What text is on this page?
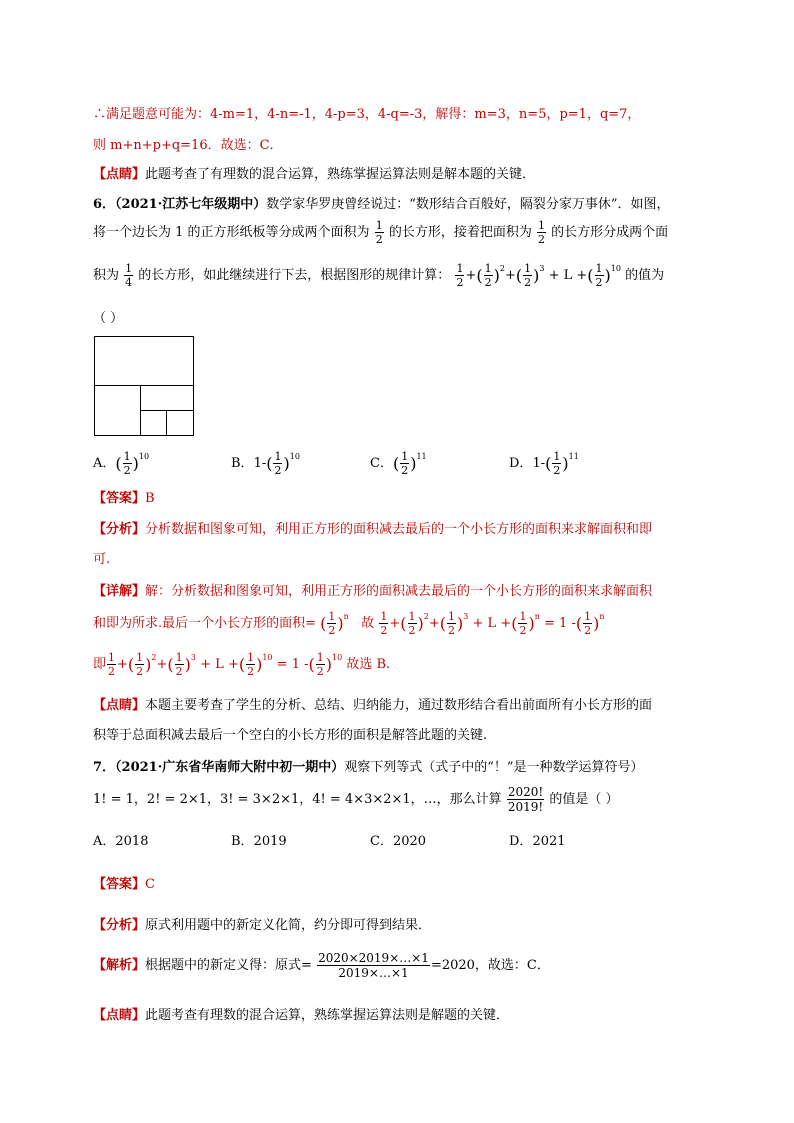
∴满足题意可能为：4-m=1，4-n=-1，4-p=3，4-q=-3，解得：m=3，n=5，p=1，q=7，
则 m+n+p+q=16．故选：C．
【点睛】此题考查了有理数的混合运算，熟练掌握运算法则是解本题的关键．
6．（2021·江苏七年级期中）数学家华罗庚曾经说过：“数形结合百般好，隔裂分家万事休”．如图，
将一个边长为 1 的正方形纸板等分成两个面积为 $\frac{1}{2}$ 的长方形，接着把面积为 $\frac{1}{2}$ 的长方形分成两个面
积为 $\frac{1}{4}$ 的长方形，如此继续进行下去，根据图形的规律计算： $\frac{1}{2}$ +( $\frac{1}{2} )^2+( \frac{1}{2} )^3 + L$ +( $\frac{1}{2} )^{10}$ 的值为
（ ）
A．( $\frac{1}{2} )^{10}$	B．$1-( \frac{1}{2} )^{10}$	C．( $\frac{1}{2} )^{11}$	D．$1-( \frac{1}{2} )^{11}$
【答案】B
【分析】分析数据和图象可知，利用正方形的面积减去最后的一个小长方形的面积来求解面积和即
可.
【详解】解：分析数据和图象可知，利用正方形的面积减去最后的一个小长方形的面积来求解面积
和即为所求.最后一个小长方形的面积= ( $\frac{1}{2} )^n$ 故 $\frac{1}{2}$ +( $\frac{1}{2} )^2+( \frac{1}{2} )^3 + L$ +( $\frac{1}{2} )^n = 1$ -( $\frac{1}{2} )^n$
即 $\frac{1}{2}$ +( $\frac{1}{2} )^2+( \frac{1}{2} )^3 + L$ +( $\frac{1}{2} )^{10} = 1$ -( $\frac{1}{2} )^{10}$ 故选 B.
【点睛】本题主要考查了学生的分析、总结、归纳能力，通过数形结合看出前面所有小长方形的面
积等于总面积减去最后一个空白的小长方形的面积是解答此题的关键.
7．（2021·广东省华南师大附中初一期中）观察下列等式（式子中的“！”是一种数学运算符号）
1! = 1，2! = 2×1，3! = 3×2×1，4! = 4×3×2×1，…，那么计算 $\frac{2020!}{2019!}$ 的值是（ ）
A．2018	B．2019	C．2020	D．2021
【答案】C
【分析】原式利用题中的新定义化简，约分即可得到结果．
【解析】根据题中的新定义得：原式= $\frac{2020\times 2019\times\dots\times 1}{2019\times\dots\times 1} =2020$，故选：C．
【点睛】此题考查有理数的混合运算，熟练掌握运算法则是解题的关键．
